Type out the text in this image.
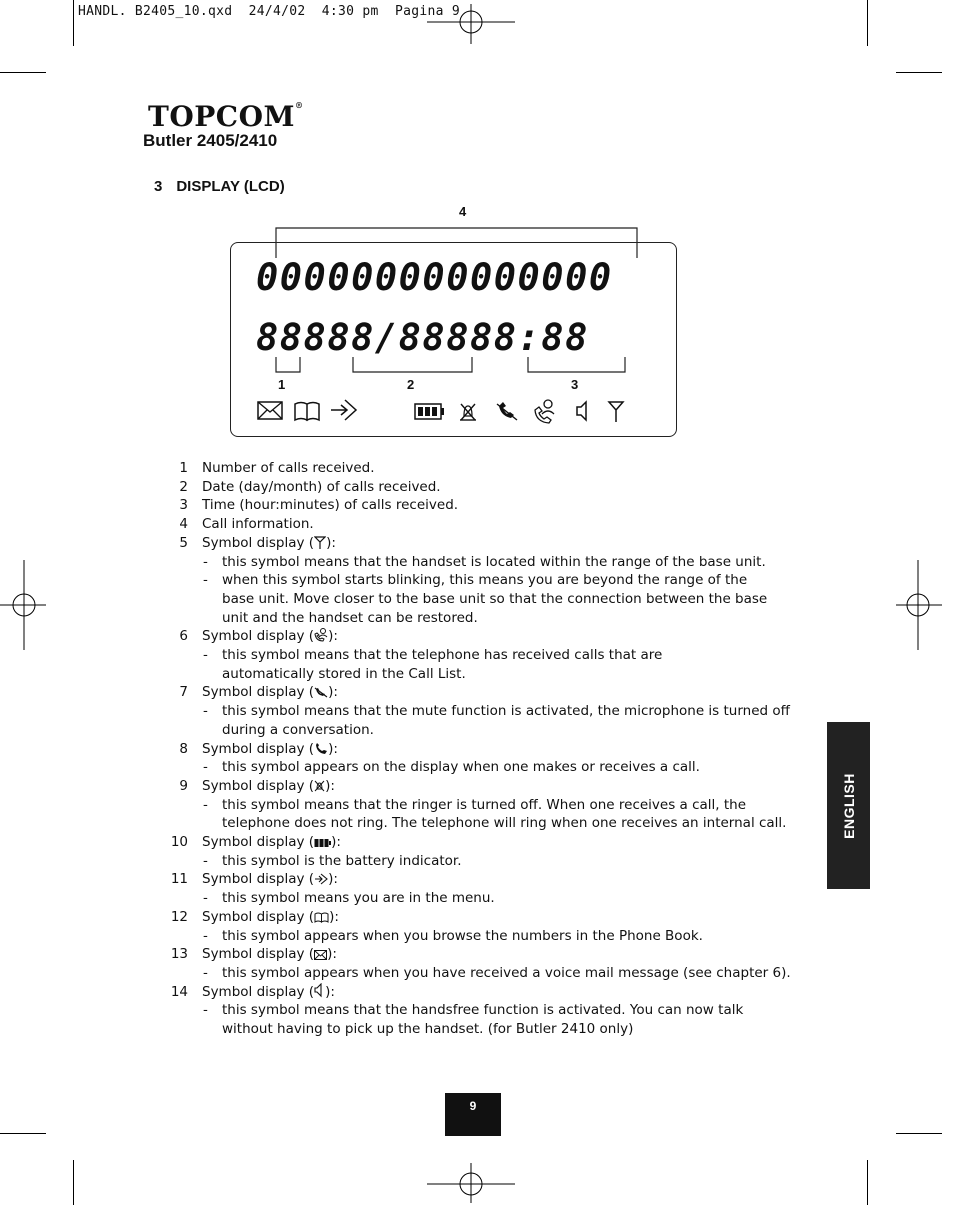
HANDL. B2405_10.qxd  24/4/02  4:30 pm  Pagina 9
TOPCOM®
Butler 2405/2410
3 DISPLAY (LCD)
4
000000000000000
88888/88888:88
1	2	3
1 Number of calls received.
2 Date (day/month) of calls received.
3 Time (hour:minutes) of calls received.
4 Call information.
5 Symbol display ( ):
- this symbol means that the handset is located within the range of the base unit.
- when this symbol starts blinking, this means you are beyond the range of the base unit. Move closer to the base unit so that the connection between the base unit and the handset can be restored.
6 Symbol display ( ):
- this symbol means that the telephone has received calls that are automatically stored in the Call List.
7 Symbol display ( ):
- this symbol means that the mute function is activated, the microphone is turned off during a conversation.
8 Symbol display ( ):
- this symbol appears on the display when one makes or receives a call.
9 Symbol display ( ):
- this symbol means that the ringer is turned off. When one receives a call, the telephone does not ring. The telephone will ring when one receives an internal call.
10 Symbol display ( ):
- this symbol is the battery indicator.
11 Symbol display ( ):
- this symbol means you are in the menu.
12 Symbol display ( ):
- this symbol appears when you browse the numbers in the Phone Book.
13 Symbol display ( ):
- this symbol appears when you have received a voice mail message (see chapter 6).
14 Symbol display ( ):
- this symbol means that the handsfree function is activated. You can now talk without having to pick up the handset. (for Butler 2410 only)
ENGLISH
9
